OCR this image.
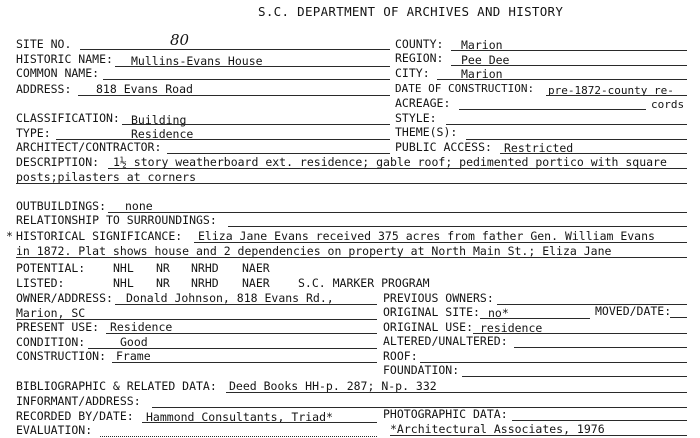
S.C. DEPARTMENT OF ARCHIVES AND HISTORY
SITE NO.	80
HISTORIC NAME: Mullins-Evans House
COMMON NAME:
ADDRESS: 818 Evans Road
CLASSIFICATION: Building
TYPE:	Residence
ARCHITECT/CONTRACTOR:
COUNTY: Marion
REGION: Pee Dee
CITY:	Marion
DATE OF CONSTRUCTION: pre-1872-county re-
ACREAGE:	cords
STYLE:
THEME(S):
PUBLIC ACCESS: Restricted
DESCRIPTION: 1½ story weatherboard ext. residence; gable roof; pedimented portico with square
posts;pilasters at corners
OUTBUILDINGS: none
RELATIONSHIP TO SURROUNDINGS:
* HISTORICAL SIGNIFICANCE: Eliza Jane Evans received 375 acres from father Gen. William Evans
in 1872. Plat shows house and 2 dependencies on property at North Main St.; Eliza Jane
POTENTIAL: NHL NR NRHD NAER
LISTED:	NHL NR NRHD NAER S.C. MARKER PROGRAM
OWNER/ADDRESS: Donald Johnson, 818 Evans Rd.,
Marion, SC
PRESENT USE: Residence
CONDITION:	Good
CONSTRUCTION: Frame
PREVIOUS OWNERS:
ORIGINAL SITE: no*	MOVED/DATE:
ORIGINAL USE: residence
ALTERED/UNALTERED:
ROOF:
FOUNDATION:
BIBLIOGRAPHIC & RELATED DATA: Deed Books HH-p. 287; N-p. 332
INFORMANT/ADDRESS:
RECORDED BY/DATE: Hammond Consultants, Triad*
EVALUATION:
PHOTOGRAPHIC DATA:
*Architectural Associates, 1976
